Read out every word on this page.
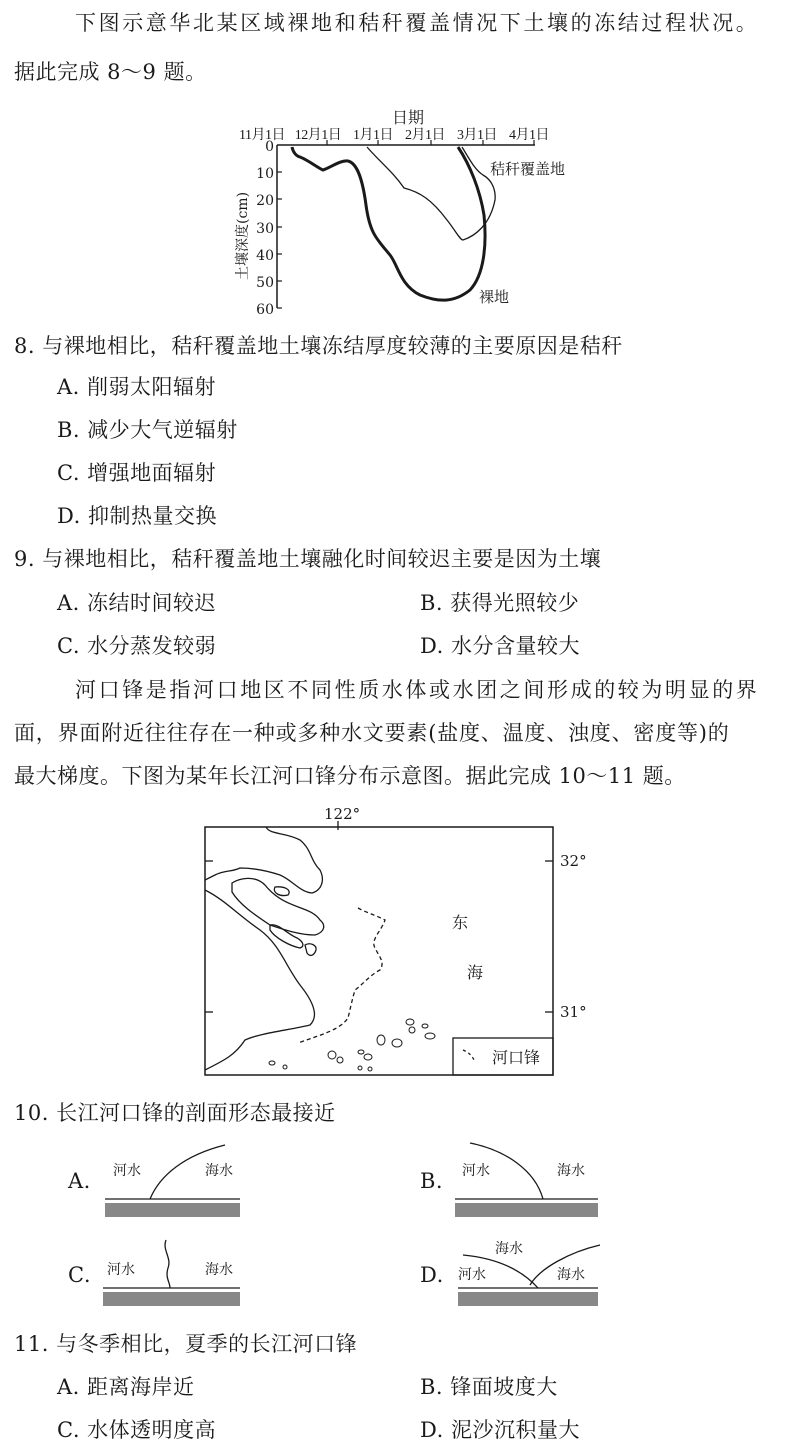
下图示意华北某区域裸地和秸秆覆盖情况下土壤的冻结过程状况。
据此完成 8～9 题。
日期
11月1日 12月1日 1月1日 2月1日 3月1日 4月1日
0
10
20
30
40
50
60
土壤深度(cm)
秸秆覆盖地
裸地
122°
32°
31°
东
海
河口锋
河水	海水	河水	海水
河水	海水
海水
河水	海水
8. 与裸地相比，秸秆覆盖地土壤冻结厚度较薄的主要原因是秸秆
A. 削弱太阳辐射
B. 减少大气逆辐射
C. 增强地面辐射
D. 抑制热量交换
9. 与裸地相比，秸秆覆盖地土壤融化时间较迟主要是因为土壤
A. 冻结时间较迟	B. 获得光照较少
C. 水分蒸发较弱	D. 水分含量较大
河口锋是指河口地区不同性质水体或水团之间形成的较为明显的界
面，界面附近往往存在一种或多种水文要素(盐度、温度、浊度、密度等)的
最大梯度。下图为某年长江河口锋分布示意图。据此完成 10～11 题。
10. 长江河口锋的剖面形态最接近
A.	B.
C.	D.
11. 与冬季相比，夏季的长江河口锋
A. 距离海岸近	B. 锋面坡度大
C. 水体透明度高	D. 泥沙沉积量大
